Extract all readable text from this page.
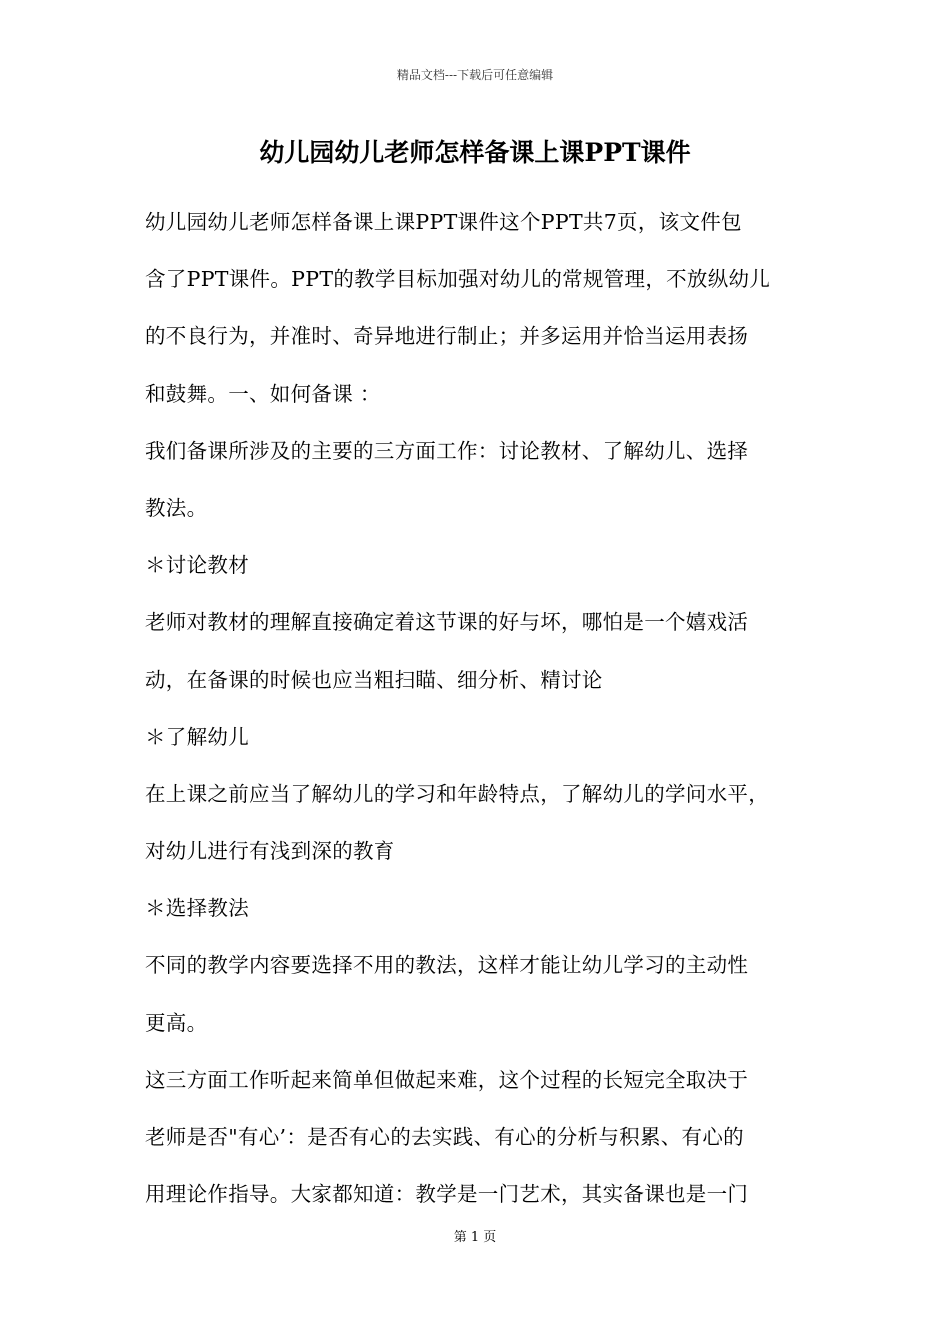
精品文档---下载后可任意编辑
幼儿园幼儿老师怎样备课上课PPT课件
幼儿园幼儿老师怎样备课上课PPT课件这个PPT共7页，该文件包
含了PPT课件。PPT的教学目标加强对幼儿的常规管理，不放纵幼儿
的不良行为，并准时、奇异地进行制止；并多运用并恰当运用表扬
和鼓舞。一、如何备课 ：
我们备课所涉及的主要的三方面工作：讨论教材、了解幼儿、选择
教法。
＊讨论教材
老师对教材的理解直接确定着这节课的好与坏，哪怕是一个嬉戏活
动，在备课的时候也应当粗扫瞄、细分析、精讨论
＊了解幼儿
在上课之前应当了解幼儿的学习和年龄特点，了解幼儿的学问水平，
对幼儿进行有浅到深的教育
＊选择教法
不同的教学内容要选择不用的教法，这样才能让幼儿学习的主动性
更高。
这三方面工作听起来简单但做起来难，这个过程的长短完全取决于
老师是否"有心’：是否有心的去实践、有心的分析与积累、有心的
用理论作指导。大家都知道：教学是一门艺术，其实备课也是一门
第 1 页
